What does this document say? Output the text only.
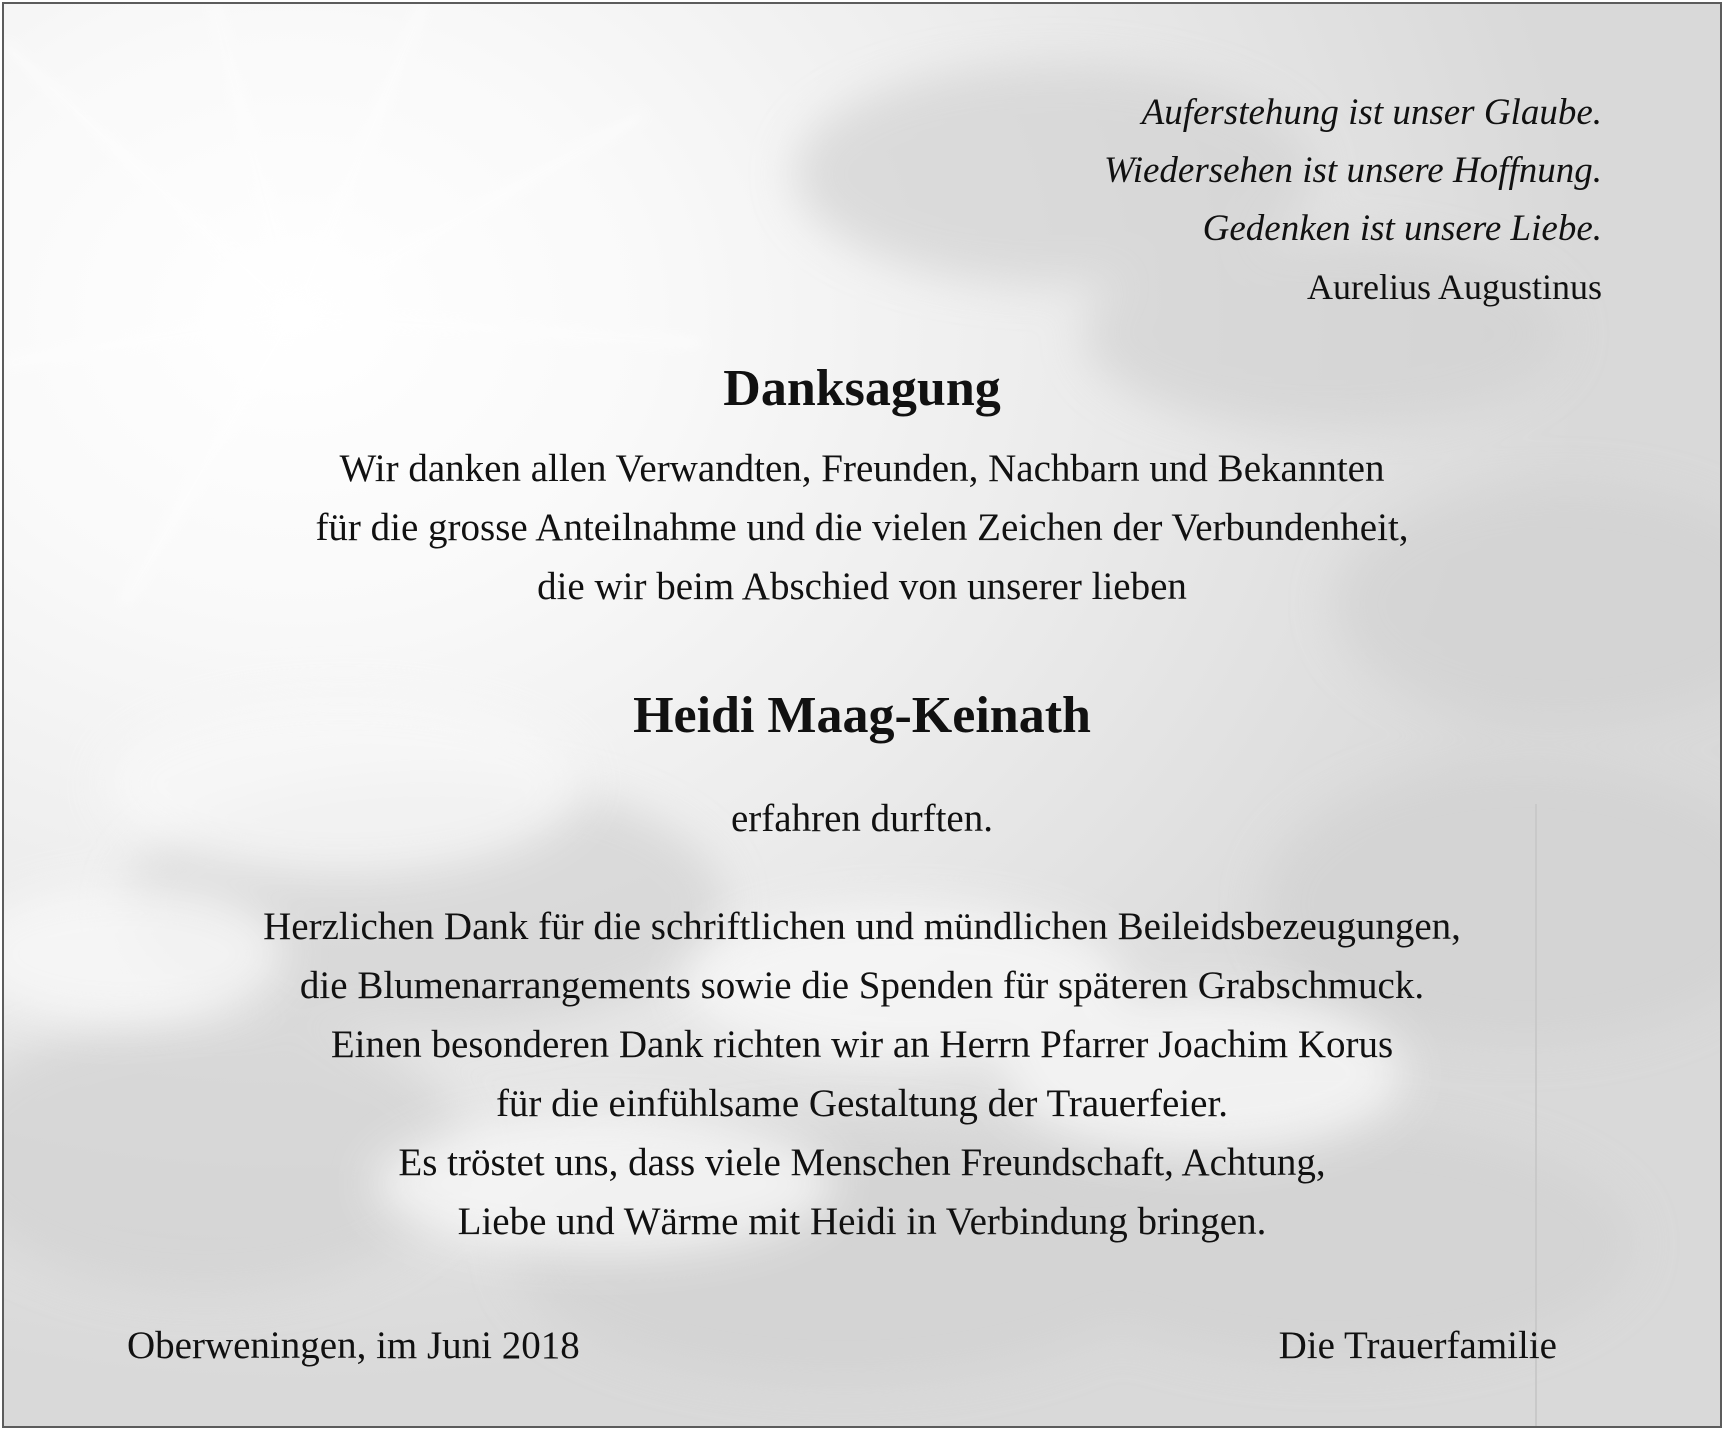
Auferstehung ist unser Glaube.
Wiedersehen ist unsere Hoffnung.
Gedenken ist unsere Liebe.
Aurelius Augustinus
Danksagung
Wir danken allen Verwandten, Freunden, Nachbarn und Bekannten
für die grosse Anteilnahme und die vielen Zeichen der Verbundenheit,
die wir beim Abschied von unserer lieben
Heidi Maag-Keinath
erfahren durften.
Herzlichen Dank für die schriftlichen und mündlichen Beileidsbezeugungen,
die Blumenarrangements sowie die Spenden für späteren Grabschmuck.
Einen besonderen Dank richten wir an Herrn Pfarrer Joachim Korus
für die einfühlsame Gestaltung der Trauerfeier.
Es tröstet uns, dass viele Menschen Freundschaft, Achtung,
Liebe und Wärme mit Heidi in Verbindung bringen.
Oberweningen, im Juni 2018	Die Trauerfamilie
